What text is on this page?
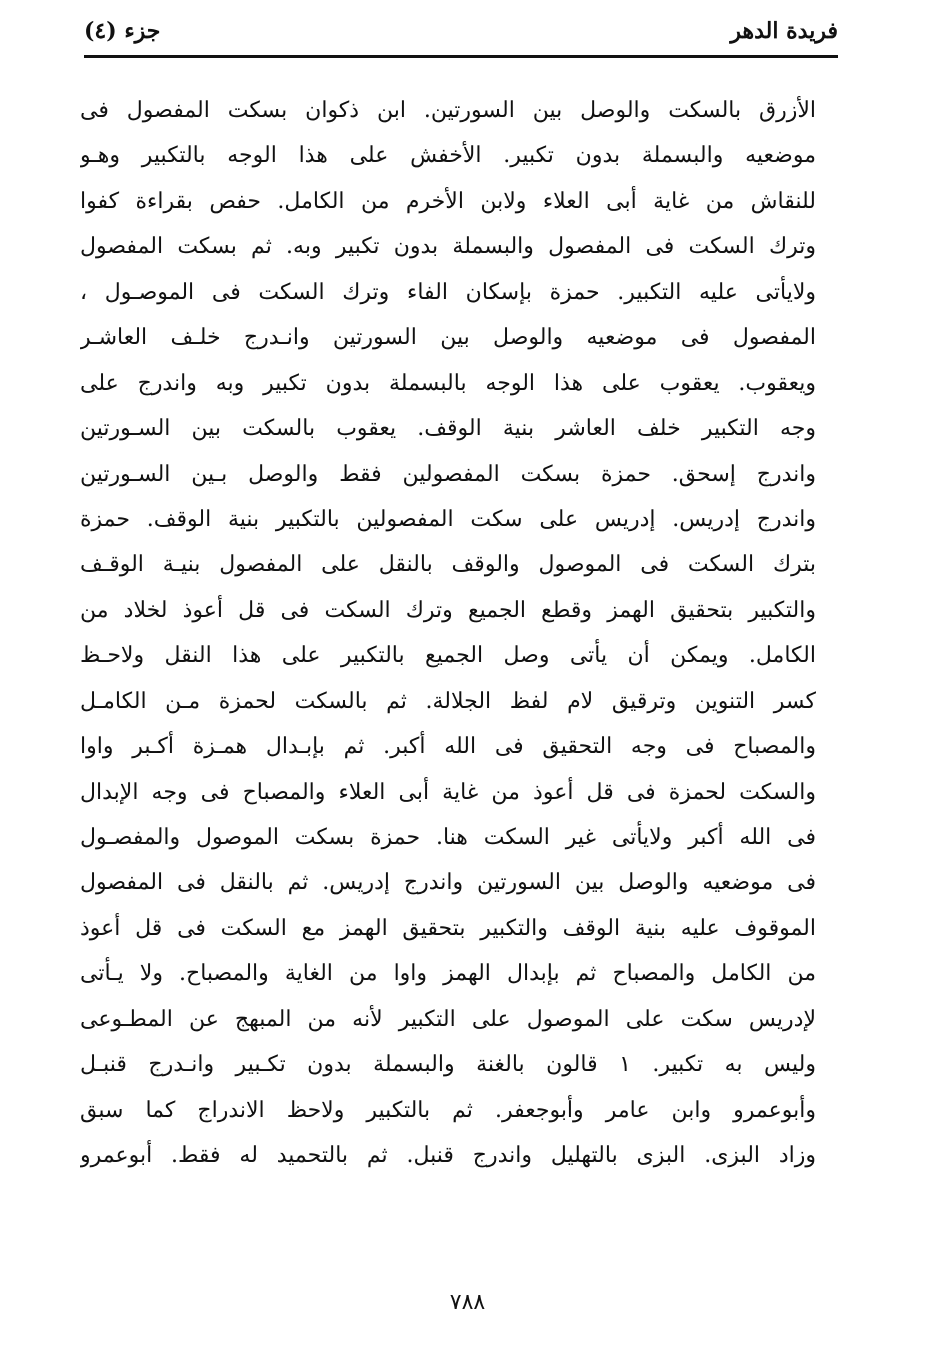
فريدة الدهر
جزء (٤)
الأزرق بالسكت والوصل بين السورتين. ابن ذكوان بسكت المفصول فى
موضعيه والبسملة بدون تكبير. الأخفش على هذا الوجه بالتكبير وهـو
للنقاش من غاية أبى العلاء ولابن الأخرم من الكامل. حفص بقراءة كفوا
وترك السكت فى المفصول والبسملة بدون تكبير وبه. ثم بسكت المفصول
ولايأتى عليه التكبير. حمزة بإسكان الفاء وترك السكت فى الموصـول ،
المفصول فى موضعيه والوصل بين السورتين وانـدرج خلـف العاشـر
ويعقوب. يعقوب على هذا الوجه بالبسملة بدون تكبير وبه واندرج على
وجه التكبير خلف العاشر بنية الوقف. يعقوب بالسكت بين السـورتين
واندرج إسحق. حمزة بسكت المفصولين فقط والوصل بـين السـورتين
واندرج إدريس. إدريس على سكت المفصولين بالتكبير بنية الوقف. حمزة
بترك السكت فى الموصول والوقف بالنقل على المفصول بنيـة الوقـف
والتكبير بتحقيق الهمز وقطع الجميع وترك السكت فى قل أعوذ لخلاد من
الكامل. ويمكن أن يأتى وصل الجميع بالتكبير على هذا النقل ولاحـظ
كسر التنوين وترقيق لام لفظ الجلالة. ثم بالسكت لحمزة مـن الكامـل
والمصباح فى وجه التحقيق فى الله أكبر. ثم بإبـدال همـزة أكـبر واوا
والسكت لحمزة فى قل أعوذ من غاية أبى العلاء والمصباح فى وجه الإبدال
فى الله أكبر ولايأتى غير السكت هنا. حمزة بسكت الموصول والمفصـول
فى موضعيه والوصل بين السورتين واندرج إدريس. ثم بالنقل فى المفصول
الموقوف عليه بنية الوقف والتكبير بتحقيق الهمز مع السكت فى قل أعوذ
من الكامل والمصباح ثم بإبدال الهمز واوا من الغاية والمصباح. ولا يـأتى
لإدريس سكت على الموصول على التكبير لأنه من المبهج عن المطـوعى
وليس به تكبير. ١ قالون بالغنة والبسملة بدون تكـبير وانـدرج قنبـل
وأبوعمرو وابن عامر وأبوجعفر. ثم بالتكبير ولاحظ الاندراج كما سبق
وزاد البزى. البزى بالتهليل واندرج قنبل. ثم بالتحميد له فقط. أبوعمرو
٧٨٨
